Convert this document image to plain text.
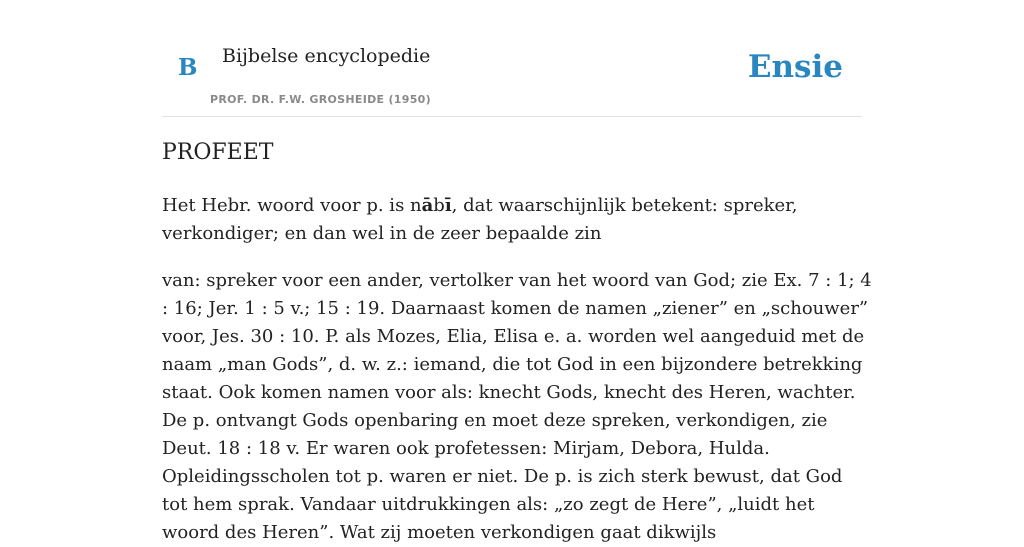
B Bijbelse encyclopedie
PROF. DR. F.W. GROSHEIDE (1950)
Ensie
PROFEET

Het Hebr. woord voor p. is nābī, dat waarschijnlijk betekent: spreker, verkondiger; en dan wel in de zeer bepaalde zin

van: spreker voor een ander, vertolker van het woord van God; zie Ex. 7 : 1; 4 : 16; Jer. 1 : 5 v.; 15 : 19. Daarnaast komen de namen „ziener” en „schouwer” voor, Jes. 30 : 10. P. als Mozes, Elia, Elisa e. a. worden wel aangeduid met de naam „man Gods”, d. w. z.: iemand, die tot God in een bijzondere betrekking staat. Ook komen namen voor als: knecht Gods, knecht des Heren, wachter. De p. ontvangt Gods openbaring en moet deze spreken, verkondigen, zie Deut. 18 : 18 v. Er waren ook profetessen: Mirjam, Debora, Hulda. Opleidingsscholen tot p. waren er niet. De p. is zich sterk bewust, dat God tot hem sprak. Vandaar uitdrukkingen als: „zo zegt de Here”, „luidt het woord des Heren”. Wat zij moeten verkondigen gaat dikwijls
